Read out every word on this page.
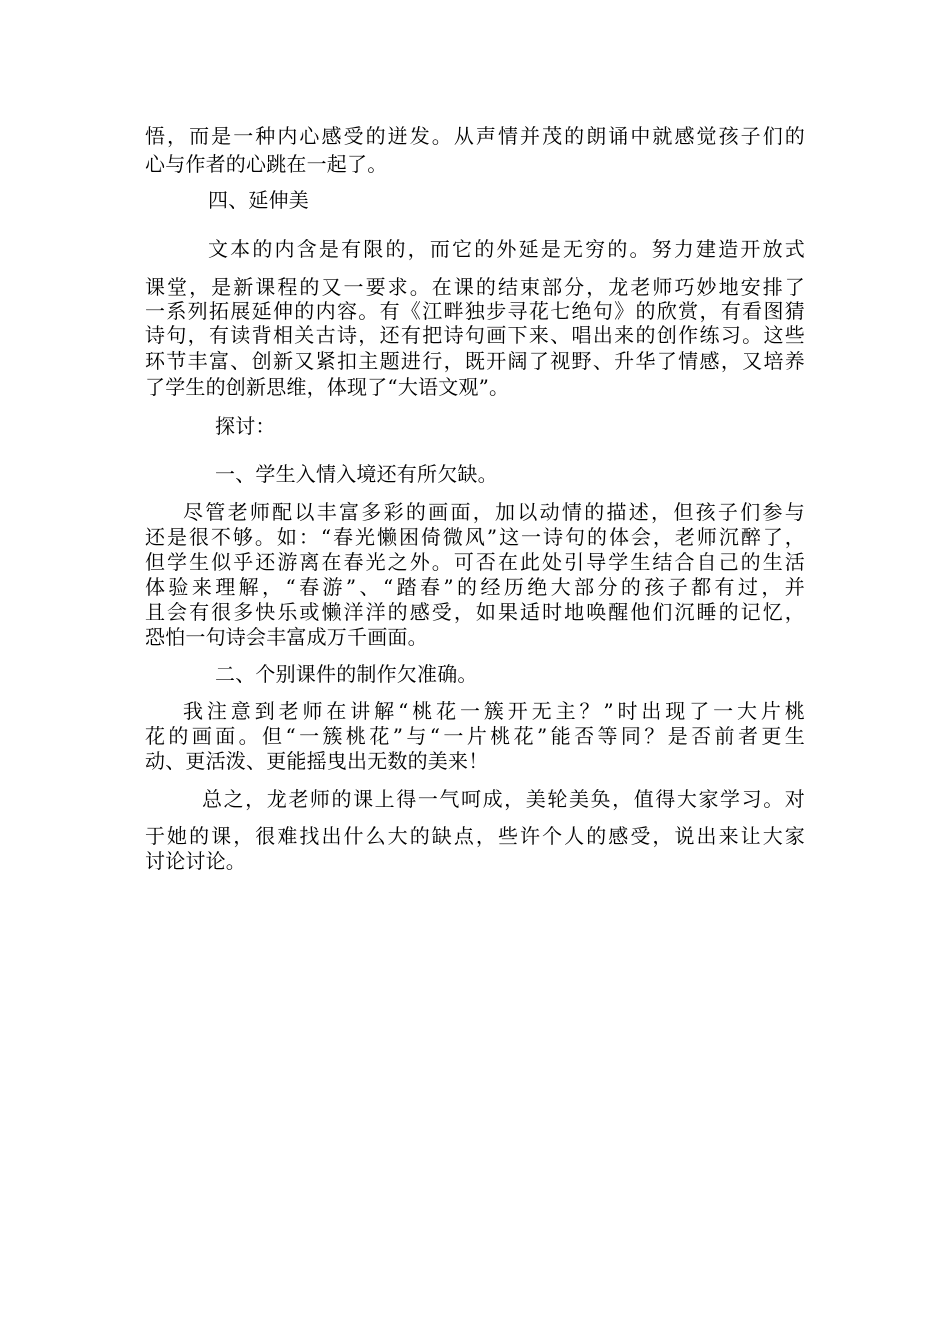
悟，而是一种内心感受的迸发。从声情并茂的朗诵中就感觉孩子们的
心与作者的心跳在一起了。
四、延伸美
文本的内含是有限的，而它的外延是无穷的。努力建造开放式
课堂，是新课程的又一要求。在课的结束部分，龙老师巧妙地安排了
一系列拓展延伸的内容。有《江畔独步寻花七绝句》的欣赏，有看图猜
诗句，有读背相关古诗，还有把诗句画下来、唱出来的创作练习。这些
环节丰富、创新又紧扣主题进行，既开阔了视野、升华了情感，又培养
了学生的创新思维，体现了“大语文观”。
探讨：
一、学生入情入境还有所欠缺。
尽管老师配以丰富多彩的画面，加以动情的描述，但孩子们参与
还是很不够。如：“春光懒困倚微风”这一诗句的体会，老师沉醉了，
但学生似乎还游离在春光之外。可否在此处引导学生结合自己的生活
体验来理解，“春游”、“踏春”的经历绝大部分的孩子都有过，并
且会有很多快乐或懒洋洋的感受，如果适时地唤醒他们沉睡的记忆，
恐怕一句诗会丰富成万千画面。
二、个别课件的制作欠准确。
我注意到老师在讲解“桃花一簇开无主？”时出现了一大片桃
花的画面。但“一簇桃花”与“一片桃花”能否等同？是否前者更生
动、更活泼、更能摇曳出无数的美来！
总之，龙老师的课上得一气呵成，美轮美奂，值得大家学习。对
于她的课，很难找出什么大的缺点，些许个人的感受，说出来让大家
讨论讨论。
